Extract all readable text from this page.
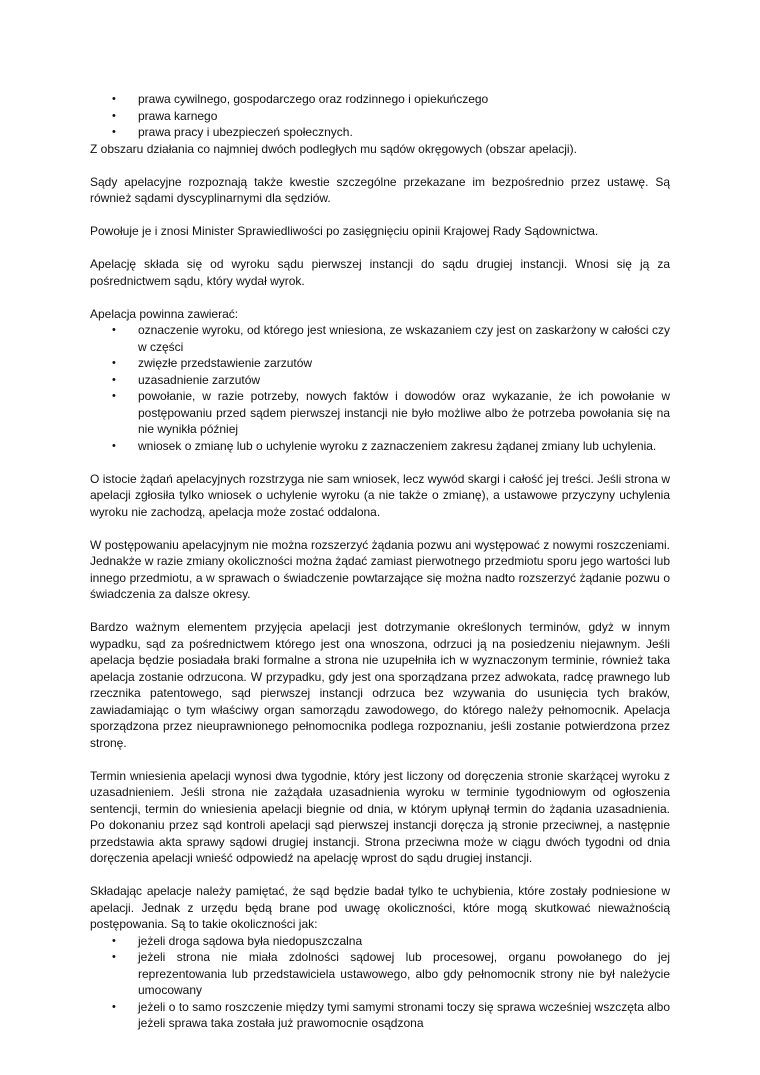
•	prawa cywilnego, gospodarczego oraz rodzinnego i opiekuńczego
•	prawa karnego
•	prawa pracy i ubezpieczeń społecznych.

Z obszaru działania co najmniej dwóch podległych mu sądów okręgowych (obszar apelacji).

Sądy apelacyjne rozpoznają także kwestie szczególne przekazane im bezpośrednio przez ustawę. Są również sądami dyscyplinarnymi dla sędziów.

Powołuje je i znosi Minister Sprawiedliwości po zasięgnięciu opinii Krajowej Rady Sądownictwa.

Apelację składa się od wyroku sądu pierwszej instancji do sądu drugiej instancji. Wnosi się ją za pośrednictwem sądu, który wydał wyrok.

Apelacja powinna zawierać:

•	oznaczenie wyroku, od którego jest wniesiona, ze wskazaniem czy jest on zaskarżony w całości czy w części
•	zwięzłe przedstawienie zarzutów
•	uzasadnienie zarzutów
•	powołanie, w razie potrzeby, nowych faktów i dowodów oraz wykazanie, że ich powołanie w postępowaniu przed sądem pierwszej instancji nie było możliwe albo że potrzeba powołania się na nie wynikła później
•	wniosek o zmianę lub o uchylenie wyroku z zaznaczeniem zakresu żądanej zmiany lub uchylenia.

O istocie żądań apelacyjnych rozstrzyga nie sam wniosek, lecz wywód skargi i całość jej treści. Jeśli strona w apelacji zgłosiła tylko wniosek o uchylenie wyroku (a nie także o zmianę), a ustawowe przyczyny uchylenia wyroku nie zachodzą, apelacja może zostać oddalona.

W postępowaniu apelacyjnym nie można rozszerzyć żądania pozwu ani występować z nowymi roszczeniami. Jednakże w razie zmiany okoliczności można żądać zamiast pierwotnego przedmiotu sporu jego wartości lub innego przedmiotu, a w sprawach o świadczenie powtarzające się można nadto rozszerzyć żądanie pozwu o świadczenia za dalsze okresy.

Bardzo ważnym elementem przyjęcia apelacji jest dotrzymanie określonych terminów, gdyż w innym wypadku, sąd za pośrednictwem którego jest ona wnoszona, odrzuci ją na posiedzeniu niejawnym. Jeśli apelacja będzie posiadała braki formalne a strona nie uzupełniła ich w wyznaczonym terminie, również taka apelacja zostanie odrzucona. W przypadku, gdy jest ona sporządzana przez adwokata, radcę prawnego lub rzecznika patentowego, sąd pierwszej instancji odrzuca bez wzywania do usunięcia tych braków, zawiadamiając o tym właściwy organ samorządu zawodowego, do którego należy pełnomocnik. Apelacja sporządzona przez nieuprawnionego pełnomocnika podlega rozpoznaniu, jeśli zostanie potwierdzona przez stronę.

Termin wniesienia apelacji wynosi dwa tygodnie, który jest liczony od doręczenia stronie skarżącej wyroku z uzasadnieniem. Jeśli strona nie zażądała uzasadnienia wyroku w terminie tygodniowym od ogłoszenia sentencji, termin do wniesienia apelacji biegnie od dnia, w którym upłynął termin do żądania uzasadnienia. Po dokonaniu przez sąd kontroli apelacji sąd pierwszej instancji doręcza ją stronie przeciwnej, a następnie przedstawia akta sprawy sądowi drugiej instancji. Strona przeciwna może w ciągu dwóch tygodni od dnia doręczenia apelacji wnieść odpowiedź na apelację wprost do sądu drugiej instancji.

Składając apelacje należy pamiętać, że sąd będzie badał tylko te uchybienia, które zostały podniesione w apelacji. Jednak z urzędu będą brane pod uwagę okoliczności, które mogą skutkować nieważnością postępowania. Są to takie okoliczności jak:

•	jeżeli droga sądowa była niedopuszczalna
•	jeżeli strona nie miała zdolności sądowej lub procesowej, organu powołanego do jej reprezentowania lub przedstawiciela ustawowego, albo gdy pełnomocnik strony nie był należycie umocowany
•	jeżeli o to samo roszczenie między tymi samymi stronami toczy się sprawa wcześniej wszczęta albo jeżeli sprawa taka została już prawomocnie osądzona
